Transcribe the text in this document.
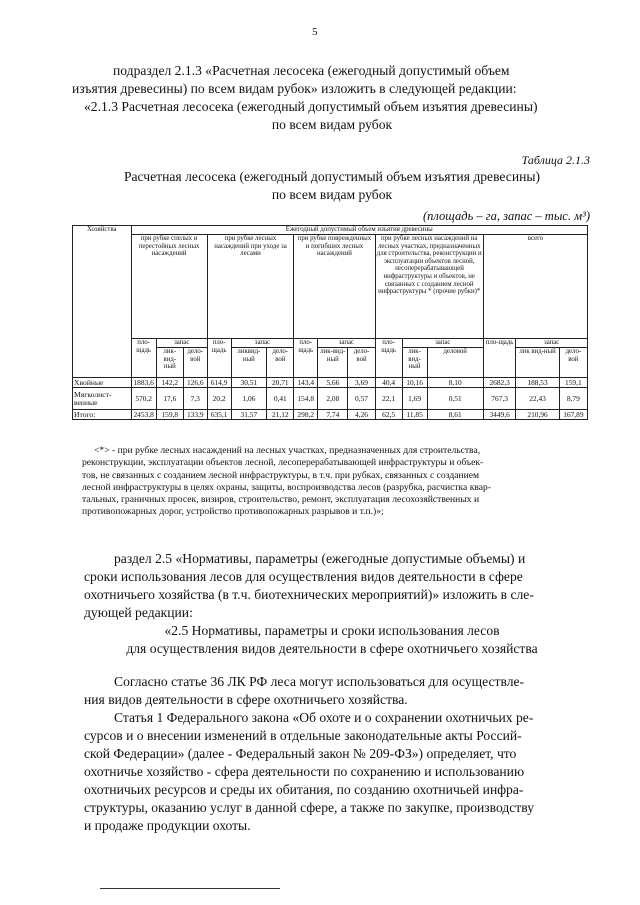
5
подраздел 2.1.3 «Расчетная лесосека (ежегодный допустимый объем
изъятия древесины) по всем видам рубок» изложить в следующей редакции:
«2.1.3 Расчетная лесосека (ежегодный допустимый объем изъятия древесины)
по всем видам рубок
Таблица 2.1.3
Расчетная лесосека (ежегодный допустимый объем изъятия древесины)
по всем видам рубок
(площадь – га, запас – тыс. м³)
Хозяйства	Ежегодный допустимый объем изъятия древесины														
	при рубке спелых и перестойных лесных насаждений			при рубке лесных насаждений при уходе за лесами			при рубке поврежденных и погибших лесных насаждений			при рубке лесных насаждений на лесных участках, предназначенных для строительства, реконструкции и эксплуатации объектов лесной, лесоперерабатывающей инфраструктуры и объектов, не связанных с созданием лесной инфраструктуры * (прочие рубки)*			всего		
	пло-щадь	запас		пло-щадь	запас		пло-щадь	запас		пло-щадь	запас		пло-щадь	запас	
		лик-вид-ный	дело-вой		ликвид-ный	дело-вой		лик-вид-ный	дело-вой		лик-вид-ный	деловой		лик вид-ный	дело-вой
Хвойные	1883,6	142,2	126,6	614,9	30,51	20,71	143,4	5,66	3,69	40,4	10,16	8,10	2682,3	188,53	159,1
Мягколист-венные	570,2	17,6	7,3	20,2	1,06	0,41	154,8	2,08	0,57	22,1	1,69	0,51	767,3	22,43	8,79
Итого:	2453,8	159,8	133,9	635,1	31,57	21,12	298,2	7,74	4,26	62,5	11,85	8,61	3449,6	210,96	167,89
<*> - при рубке лесных насаждений на лесных участках, предназначенных для строительства,
реконструкции, эксплуатации объектов лесной, лесоперерабатывающей инфраструктуры и объек-
тов, не связанных с созданием лесной инфраструктуры, в т.ч. при рубках, связанных с созданием
лесной инфраструктуры в целях охраны, защиты, воспроизводства лесов (разрубка, расчистка квар-
тальных, граничных просек, визиров, строительство, ремонт, эксплуатация лесохозяйственных и
противопожарных дорог, устройство противопожарных разрывов и т.п.)»;
раздел 2.5 «Нормативы, параметры (ежегодные допустимые объемы) и
сроки использования лесов для осуществления видов деятельности в сфере
охотничьего хозяйства (в т.ч. биотехнических мероприятий)» изложить в сле-
дующей редакции:
«2.5 Нормативы, параметры и сроки использования лесов
для осуществления видов деятельности в сфере охотничьего хозяйства
Согласно статье 36 ЛК РФ леса могут использоваться для осуществле-
ния видов деятельности в сфере охотничьего хозяйства.
Статья 1 Федерального закона «Об охоте и о сохранении охотничьих ре-
сурсов и о внесении изменений в отдельные законодательные акты Россий-
ской Федерации» (далее - Федеральный закон № 209-ФЗ») определяет, что
охотничье хозяйство - сфера деятельности по сохранению и использованию
охотничьих ресурсов и среды их обитания, по созданию охотничьей инфра-
структуры, оказанию услуг в данной сфере, а также по закупке, производству
и продаже продукции охоты.
